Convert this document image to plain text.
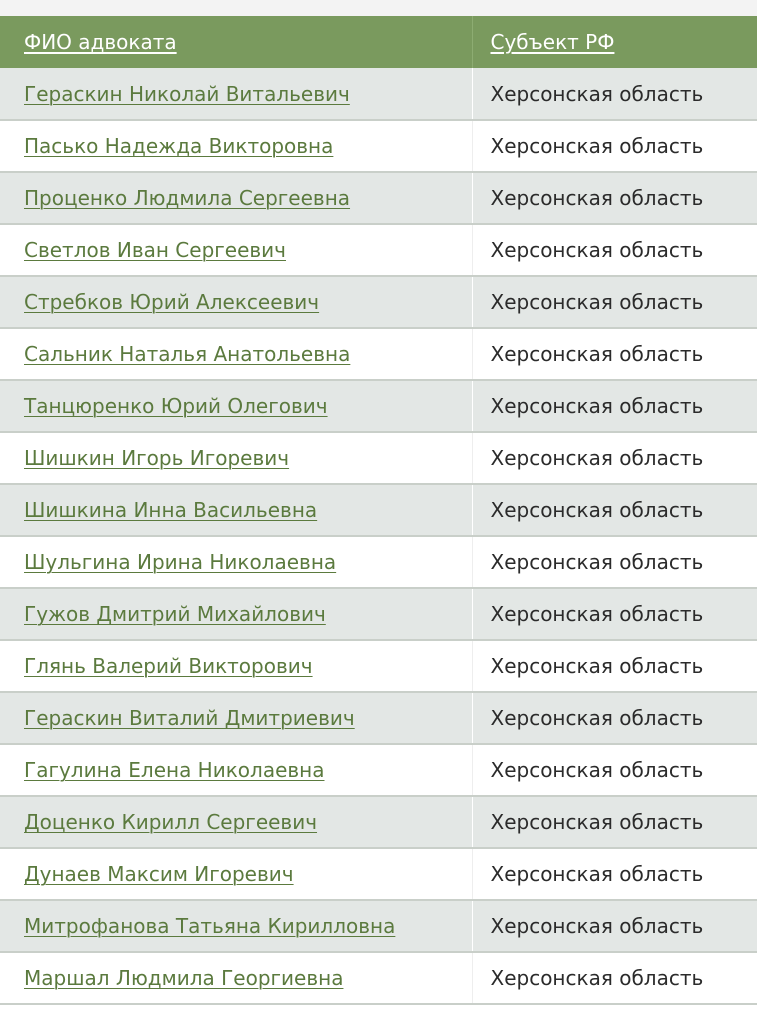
ФИО адвоката	Субъект РФ
Гераскин Николай Витальевич	Херсонская область
Пасько Надежда Викторовна	Херсонская область
Проценко Людмила Сергеевна	Херсонская область
Светлов Иван Сергеевич	Херсонская область
Стребков Юрий Алексеевич	Херсонская область
Сальник Наталья Анатольевна	Херсонская область
Танцюренко Юрий Олегович	Херсонская область
Шишкин Игорь Игоревич	Херсонская область
Шишкина Инна Васильевна	Херсонская область
Шульгина Ирина Николаевна	Херсонская область
Гужов Дмитрий Михайлович	Херсонская область
Глянь Валерий Викторович	Херсонская область
Гераскин Виталий Дмитриевич	Херсонская область
Гагулина Елена Николаевна	Херсонская область
Доценко Кирилл Сергеевич	Херсонская область
Дунаев Максим Игоревич	Херсонская область
Митрофанова Татьяна Кирилловна	Херсонская область
Маршал Людмила Георгиевна	Херсонская область
